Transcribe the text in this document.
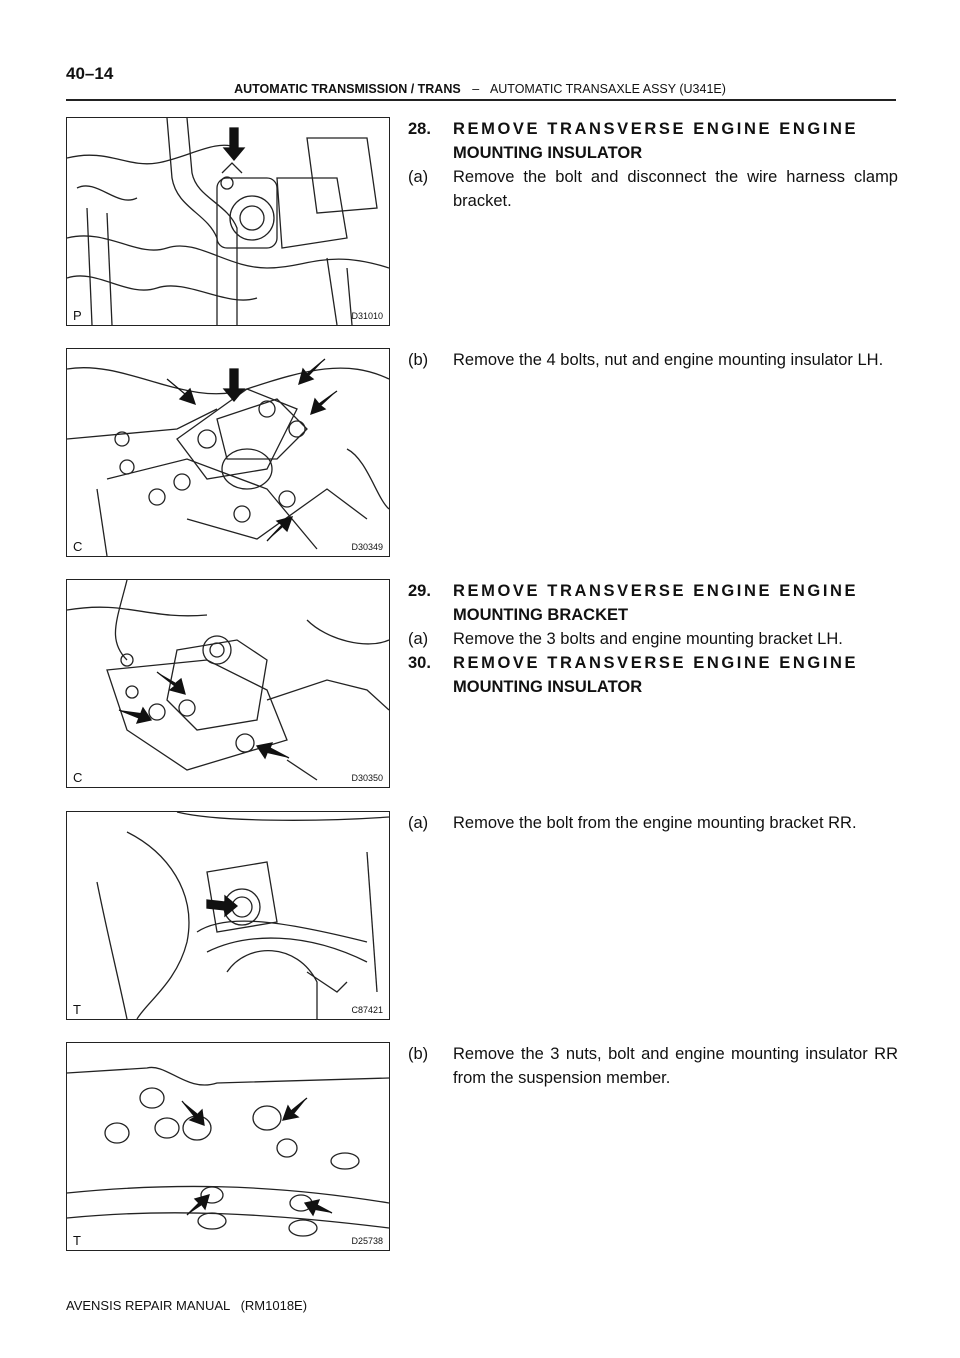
40–14
AUTOMATIC TRANSMISSION / TRANS – AUTOMATIC TRANSAXLE ASSY (U341E)
P	D31010
C	D30349
C	D30350
T	C87421
T	D25738
28. REMOVE TRANSVERSE ENGINE ENGINE
MOUNTING INSULATOR
(a) Remove the bolt and disconnect the wire harness clamp bracket.
(b) Remove the 4 bolts, nut and engine mounting insulator LH.
29. REMOVE TRANSVERSE ENGINE ENGINE
MOUNTING BRACKET
(a) Remove the 3 bolts and engine mounting bracket LH.
30. REMOVE TRANSVERSE ENGINE ENGINE
MOUNTING INSULATOR
(a) Remove the bolt from the engine mounting bracket RR.
(b) Remove the 3 nuts, bolt and engine mounting insulator RR from the suspension member.
AVENSIS REPAIR MANUAL   (RM1018E)
